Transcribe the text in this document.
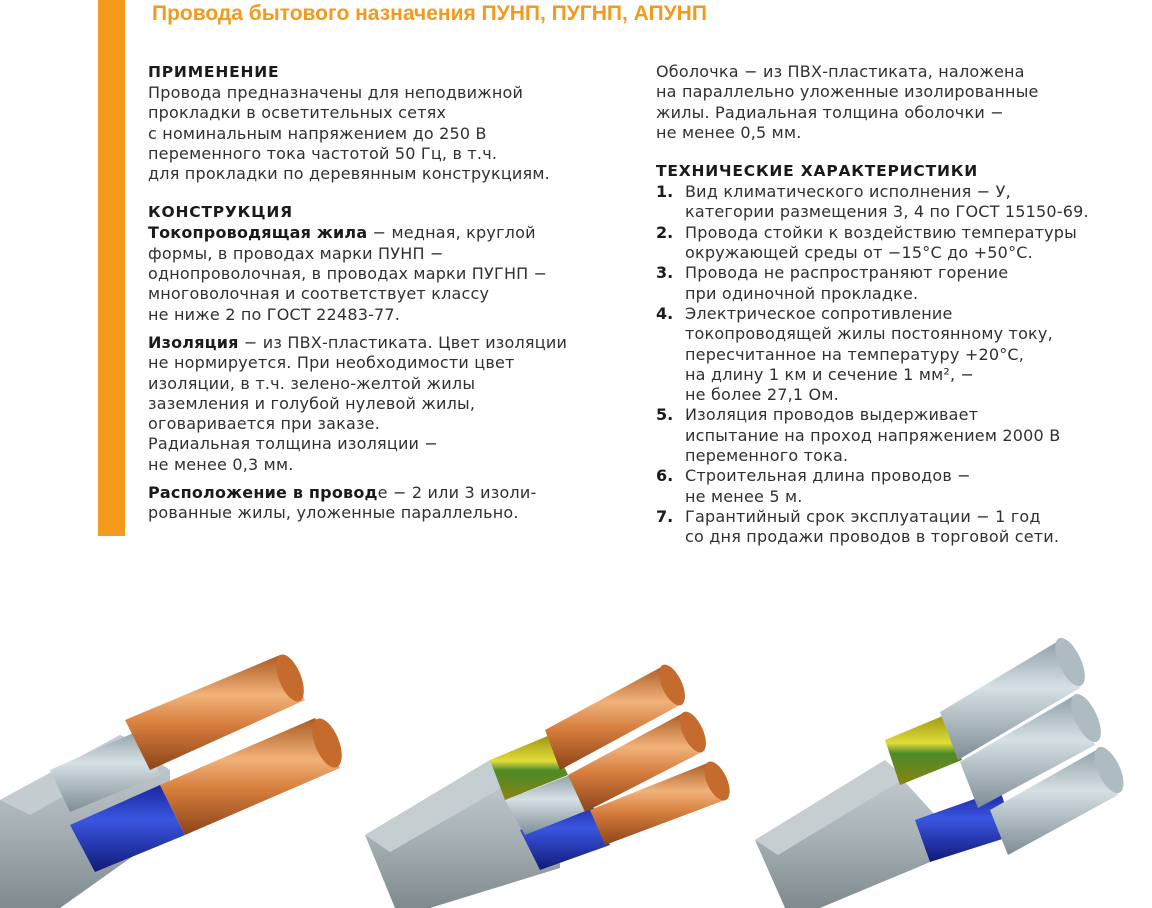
Провода бытового назначения ПУНП, ПУГНП, АПУНП
ПРИМЕНЕНИЕ
Провода предназначены для неподвижной
прокладки в осветительных сетях
с номинальным напряжением до 250 В
переменного тока частотой 50 Гц, в т.ч.
для прокладки по деревянным конструкциям.
КОНСТРУКЦИЯ
Токопроводящая жила − медная, круглой
формы, в проводах марки ПУНП −
однопроволочная, в проводах марки ПУГНП −
многоволочная и соответствует классу
не ниже 2 по ГОСТ 22483-77.
Изоляция − из ПВХ-пластиката. Цвет изоляции
не нормируется. При необходимости цвет
изоляции, в т.ч. зелено-желтой жилы
заземления и голубой нулевой жилы,
оговаривается при заказе.
Радиальная толщина изоляции −
не менее 0,3 мм.
Расположение в проводе − 2 или 3 изоли-
рованные жилы, уложенные параллельно.
Оболочка − из ПВХ-пластиката, наложена
на параллельно уложенные изолированные
жилы. Радиальная толщина оболочки −
не менее 0,5 мм.
ТЕХНИЧЕСКИЕ ХАРАКТЕРИСТИКИ
1. Вид климатического исполнения − У,
категории размещения 3, 4 по ГОСТ 15150-69.
2. Провода стойки к воздействию температуры
окружающей среды от −15°С до +50°С.
3. Провода не распространяют горение
при одиночной прокладке.
4. Электрическое сопротивление
токопроводящей жилы постоянному току,
пересчитанное на температуру +20°С,
на длину 1 км и сечение 1 мм², −
не более 27,1 Ом.
5. Изоляция проводов выдерживает
испытание на проход напряжением 2000 В
переменного тока.
6. Строительная длина проводов −
не менее 5 м.
7. Гарантийный срок эксплуатации − 1 год
со дня продажи проводов в торговой сети.
